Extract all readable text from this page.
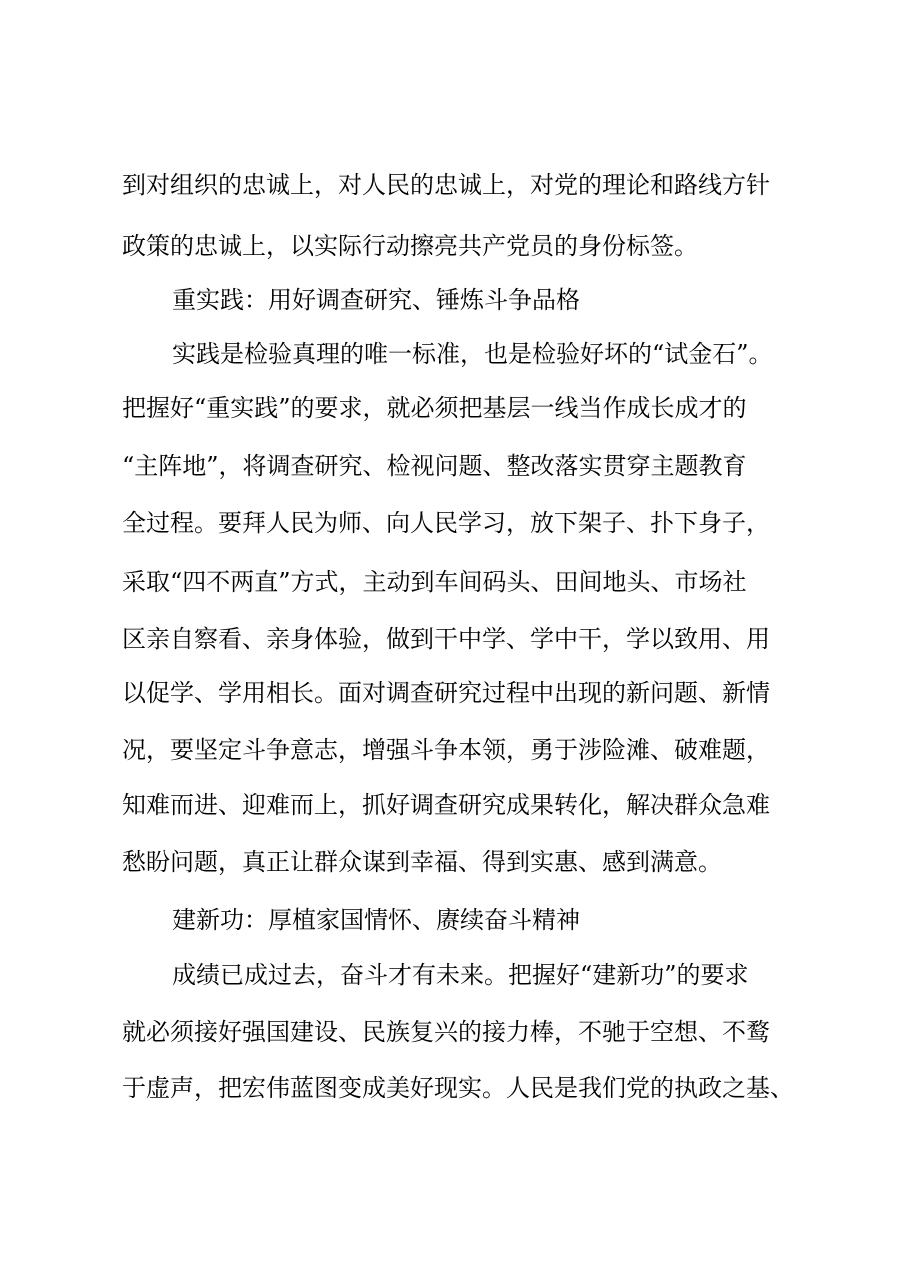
到对组织的忠诚上，对人民的忠诚上，对党的理论和路线方针
政策的忠诚上，以实际行动擦亮共产党员的身份标签。
重实践：用好调查研究、锤炼斗争品格
实践是检验真理的唯一标准，也是检验好坏的“试金石”。
把握好“重实践”的要求，就必须把基层一线当作成长成才的
“主阵地”，将调查研究、检视问题、整改落实贯穿主题教育
全过程。要拜人民为师、向人民学习，放下架子、扑下身子，
采取“四不两直”方式，主动到车间码头、田间地头、市场社
区亲自察看、亲身体验，做到干中学、学中干，学以致用、用
以促学、学用相长。面对调查研究过程中出现的新问题、新情
况，要坚定斗争意志，增强斗争本领，勇于涉险滩、破难题，
知难而进、迎难而上，抓好调查研究成果转化，解决群众急难
愁盼问题，真正让群众谋到幸福、得到实惠、感到满意。
建新功：厚植家国情怀、赓续奋斗精神
成绩已成过去，奋斗才有未来。把握好“建新功”的要求
就必须接好强国建设、民族复兴的接力棒，不驰于空想、不鹜
于虚声，把宏伟蓝图变成美好现实。人民是我们党的执政之基、
